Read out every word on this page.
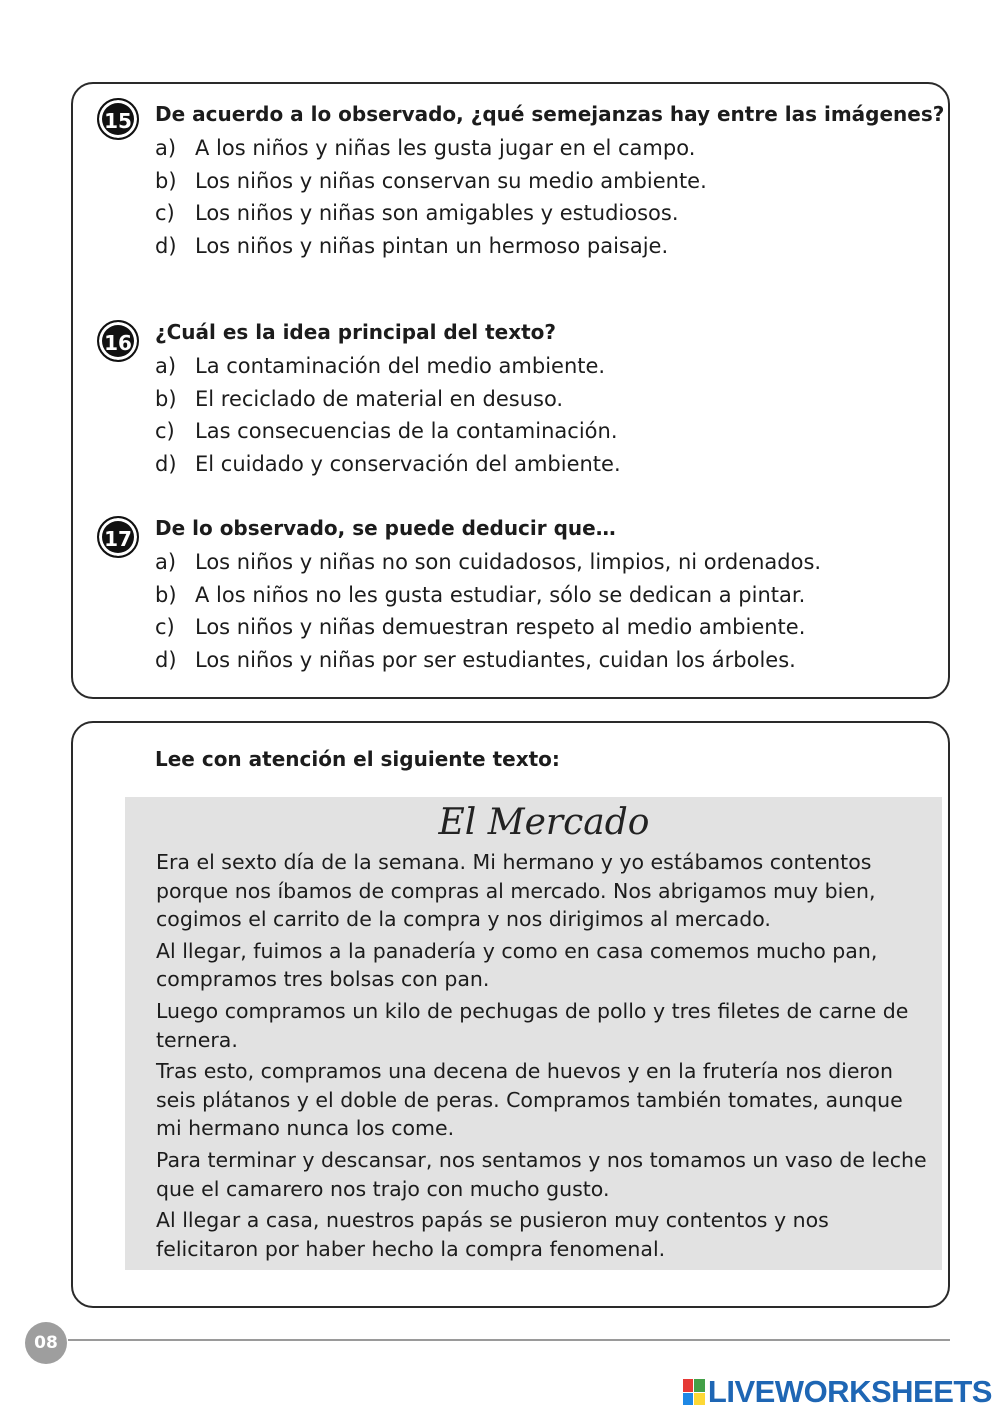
15	De acuerdo a lo observado, ¿qué semejanzas hay entre las imágenes?

a) A los niños y niñas les gusta jugar en el campo.
b) Los niños y niñas conservan su medio ambiente.
c) Los niños y niñas son amigables y estudiosos.
d) Los niños y niñas pintan un hermoso paisaje.
16	¿Cuál es la idea principal del texto?

a) La contaminación del medio ambiente.
b) El reciclado de material en desuso.
c) Las consecuencias de la contaminación.
d) El cuidado y conservación del ambiente.
17	De lo observado, se puede deducir que…

a) Los niños y niñas no son cuidadosos, limpios, ni ordenados.
b) A los niños no les gusta estudiar, sólo se dedican a pintar.
c) Los niños y niñas demuestran respeto al medio ambiente.
d) Los niños y niñas por ser estudiantes, cuidan los árboles.
Lee con atención el siguiente texto:
El Mercado

Era el sexto día de la semana. Mi hermano y yo estábamos contentos porque nos íbamos de compras al mercado. Nos abrigamos muy bien, cogimos el carrito de la compra y nos dirigimos al mercado.

Al llegar, fuimos a la panadería y como en casa comemos mucho pan, compramos tres bolsas con pan.

Luego compramos un kilo de pechugas de pollo y tres filetes de carne de ternera.

Tras esto, compramos una decena de huevos y en la frutería nos dieron seis plátanos y el doble de peras. Compramos también tomates, aunque mi hermano nunca los come.

Para terminar y descansar, nos sentamos y nos tomamos un vaso de leche que el camarero nos trajo con mucho gusto.

Al llegar a casa, nuestros papás se pusieron muy contentos y nos felicitaron por haber hecho la compra fenomenal.

08
LIVEWORKSHEETS
